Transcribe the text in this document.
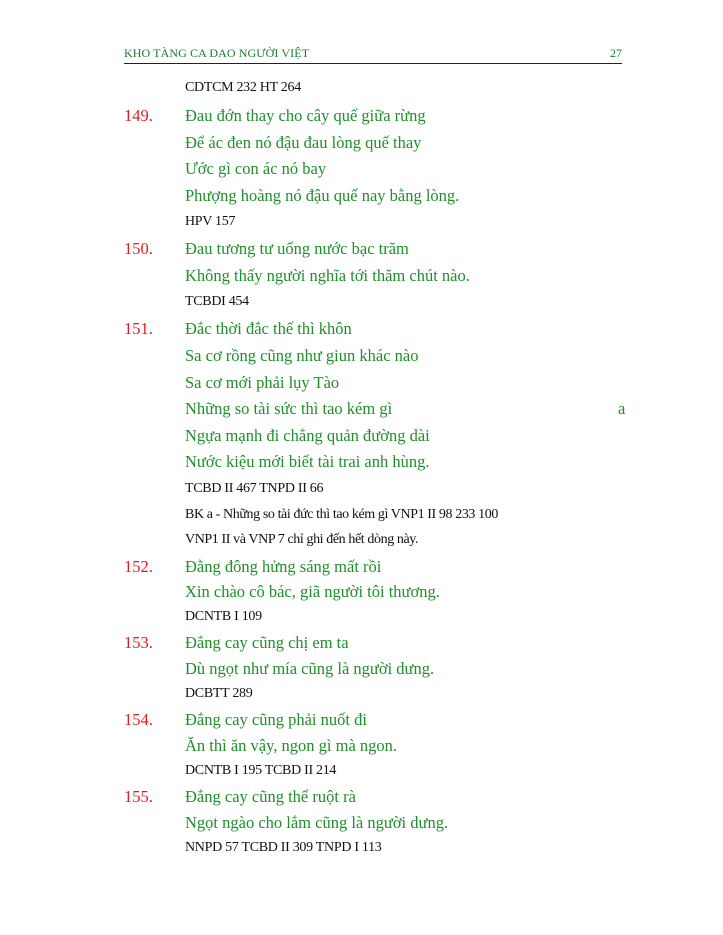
KHO TÀNG CA DAO NGƯỜI VIỆT	27
CDTCM 232 HT 264
149. Đau đớn thay cho cây quế giữa rừng
Để ác đen nó đậu đau lòng quế thay
Ước gì con ác nó bay
Phượng hoàng nó đậu quế nay bằng lòng.
HPV 157
150. Đau tương tư uống nước bạc trăm
Không thấy người nghĩa tới thăm chút nào.
TCBDI 454
151. Đắc thời đắc thế thì khôn
Sa cơ rồng cũng như giun khác nào
Sa cơ mới phải lụy Tào
Những so tài sức thì tao kém gì	a
Ngựa mạnh đi chẳng quản đường dài
Nước kiệu mới biết tài trai anh hùng.
TCBD II 467 TNPD II 66
BK a - Những so tài đức thì tao kém gì VNP1 II 98 233 100
VNP1 II và VNP 7 chỉ ghi đến hết dòng này.
152. Đằng đông hửng sáng mất rồi
Xin chào cô bác, giã người tôi thương.
DCNTB I 109
153. Đắng cay cũng chị em ta
Dù ngọt như mía cũng là người dưng.
DCBTT 289
154. Đắng cay cũng phải nuốt đi
Ăn thì ăn vậy, ngon gì mà ngon.
DCNTB I 195 TCBD II 214
155. Đắng cay cũng thể ruột rà
Ngọt ngào cho lắm cũng là người dưng.
NNPD 57 TCBD II 309 TNPD I 113
